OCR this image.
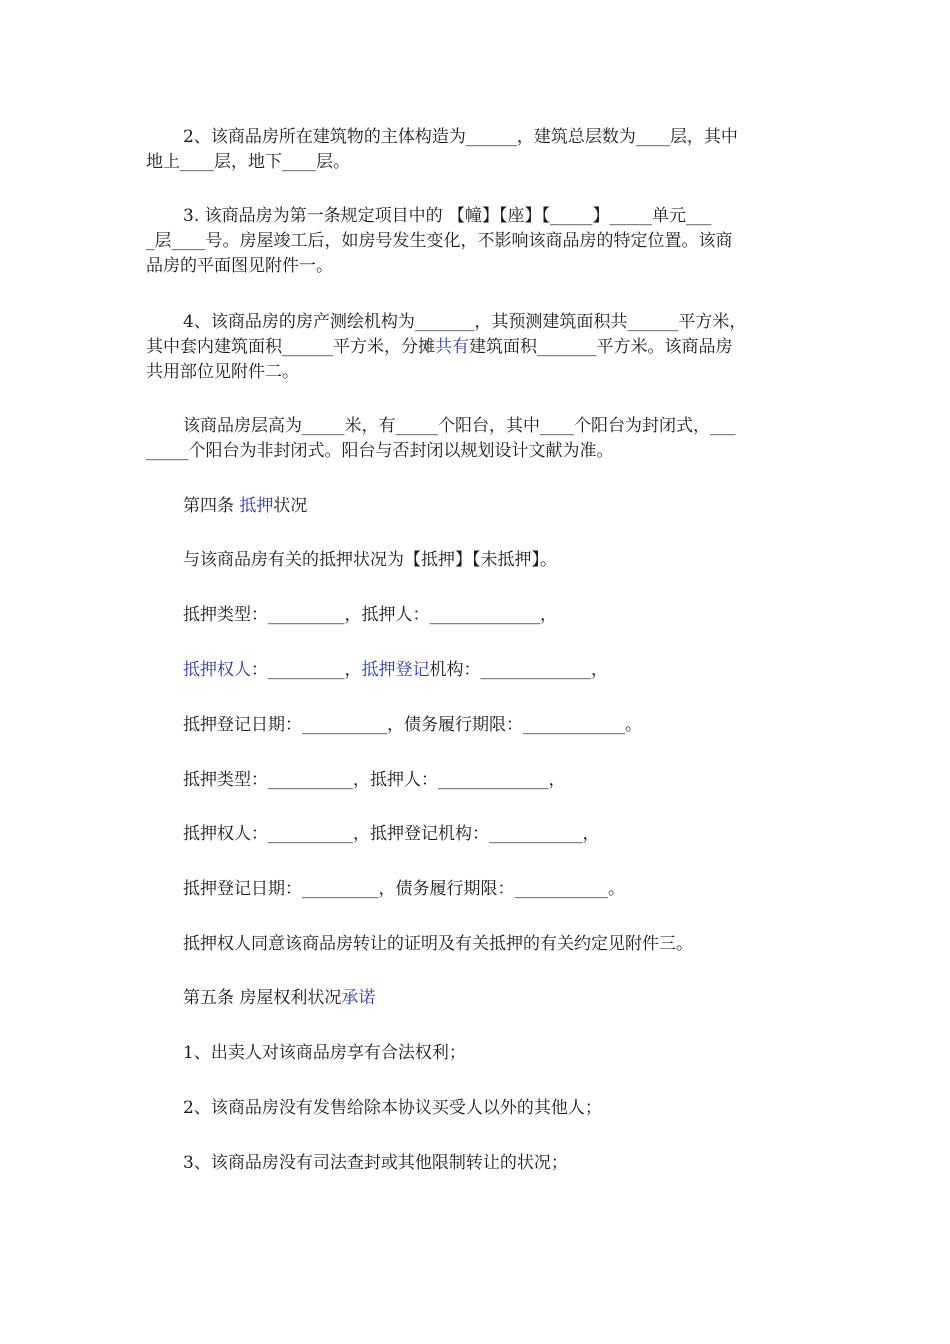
2、该商品房所在建筑物的主体构造为______，建筑总层数为____层，其中
地上____层，地下____层。
3. 该商品房为第一条规定项目中的 【幢】【座】【_____】_____单元___
_层____号。房屋竣工后，如房号发生变化，不影响该商品房的特定位置。该商
品房的平面图见附件一。
4、该商品房的房产测绘机构为_______，其预测建筑面积共______平方米，
其中套内建筑面积______平方米，分摊共有建筑面积_______平方米。该商品房
共用部位见附件二。
该商品房层高为_____米，有_____个阳台，其中____个阳台为封闭式，___
_____个阳台为非封闭式。阳台与否封闭以规划设计文献为准。
第四条 抵押状况
与该商品房有关的抵押状况为【抵押】【未抵押】。
抵押类型：_________，抵押人：_____________，
抵押权人：_________，抵押登记机构：_____________，
抵押登记日期：__________，债务履行期限：____________。
抵押类型：__________，抵押人：_____________，
抵押权人：__________，抵押登记机构：___________，
抵押登记日期：_________，债务履行期限：___________。
抵押权人同意该商品房转让的证明及有关抵押的有关约定见附件三。
第五条 房屋权利状况承诺
1、出卖人对该商品房享有合法权利；
2、该商品房没有发售给除本协议买受人以外的其他人；
3、该商品房没有司法查封或其他限制转让的状况；
